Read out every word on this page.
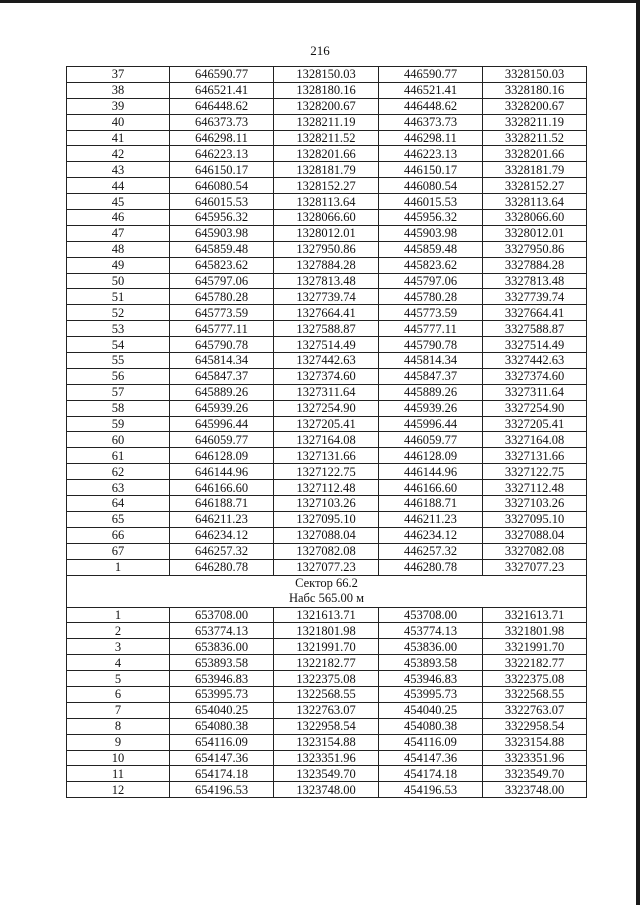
216
37	646590.77	1328150.03	446590.77	3328150.03
38	646521.41	1328180.16	446521.41	3328180.16
39	646448.62	1328200.67	446448.62	3328200.67
40	646373.73	1328211.19	446373.73	3328211.19
41	646298.11	1328211.52	446298.11	3328211.52
42	646223.13	1328201.66	446223.13	3328201.66
43	646150.17	1328181.79	446150.17	3328181.79
44	646080.54	1328152.27	446080.54	3328152.27
45	646015.53	1328113.64	446015.53	3328113.64
46	645956.32	1328066.60	445956.32	3328066.60
47	645903.98	1328012.01	445903.98	3328012.01
48	645859.48	1327950.86	445859.48	3327950.86
49	645823.62	1327884.28	445823.62	3327884.28
50	645797.06	1327813.48	445797.06	3327813.48
51	645780.28	1327739.74	445780.28	3327739.74
52	645773.59	1327664.41	445773.59	3327664.41
53	645777.11	1327588.87	445777.11	3327588.87
54	645790.78	1327514.49	445790.78	3327514.49
55	645814.34	1327442.63	445814.34	3327442.63
56	645847.37	1327374.60	445847.37	3327374.60
57	645889.26	1327311.64	445889.26	3327311.64
58	645939.26	1327254.90	445939.26	3327254.90
59	645996.44	1327205.41	445996.44	3327205.41
60	646059.77	1327164.08	446059.77	3327164.08
61	646128.09	1327131.66	446128.09	3327131.66
62	646144.96	1327122.75	446144.96	3327122.75
63	646166.60	1327112.48	446166.60	3327112.48
64	646188.71	1327103.26	446188.71	3327103.26
65	646211.23	1327095.10	446211.23	3327095.10
66	646234.12	1327088.04	446234.12	3327088.04
67	646257.32	1327082.08	446257.32	3327082.08
1	646280.78	1327077.23	446280.78	3327077.23

Сектор 66.2
Набс 565.00 м				

1	653708.00	1321613.71	453708.00	3321613.71
2	653774.13	1321801.98	453774.13	3321801.98
3	653836.00	1321991.70	453836.00	3321991.70
4	653893.58	1322182.77	453893.58	3322182.77
5	653946.83	1322375.08	453946.83	3322375.08
6	653995.73	1322568.55	453995.73	3322568.55
7	654040.25	1322763.07	454040.25	3322763.07
8	654080.38	1322958.54	454080.38	3322958.54
9	654116.09	1323154.88	454116.09	3323154.88
10	654147.36	1323351.96	454147.36	3323351.96
11	654174.18	1323549.70	454174.18	3323549.70
12	654196.53	1323748.00	454196.53	3323748.00
